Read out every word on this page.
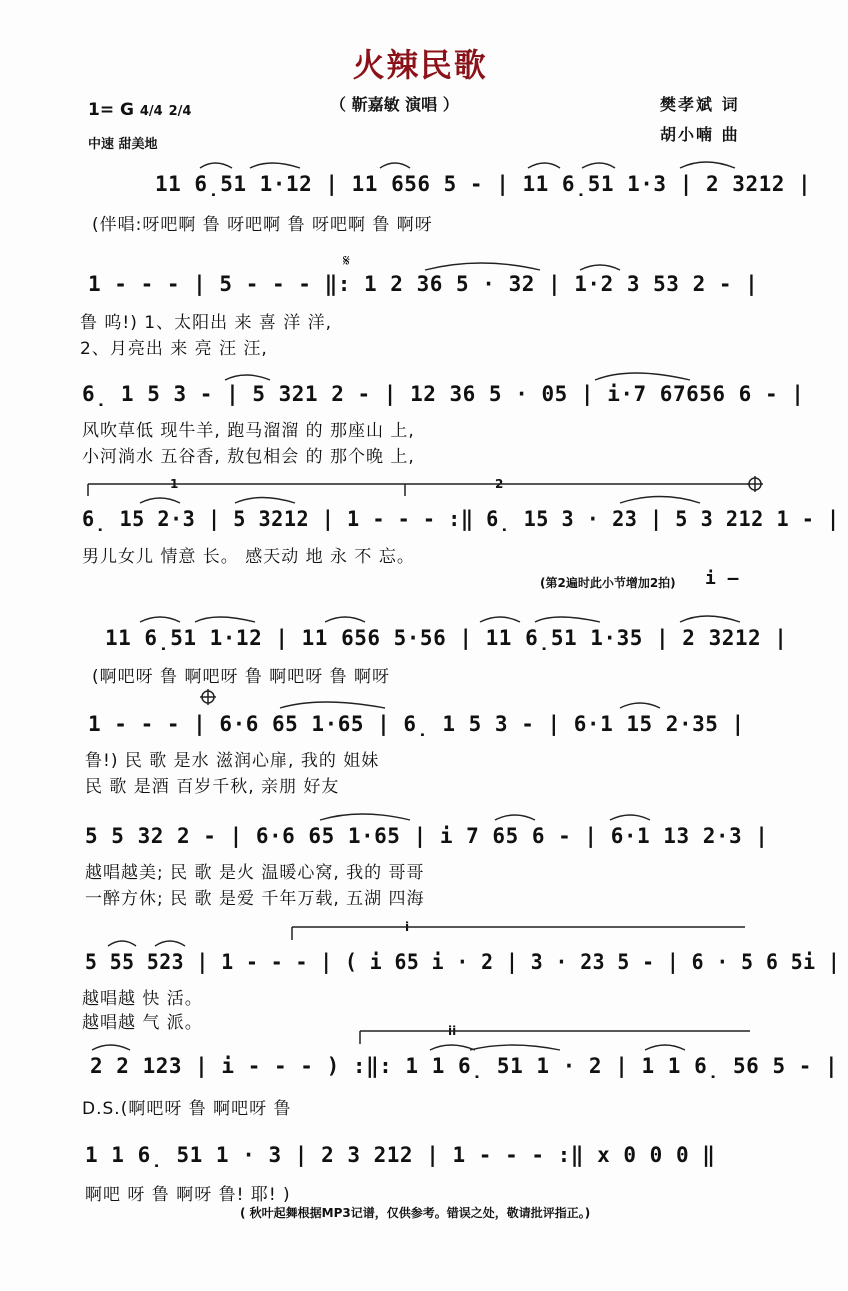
火辣民歌
（ 靳嘉敏 演唱 ）
1= G 4/4 2/4
中速 甜美地
樊孝斌 词
胡小喃 曲
11 6̣51 1·12 | 11 656 5 - | 11 6̣51 1·3 | 2 3212 |
(伴唱:呀吧啊 鲁 呀吧啊 鲁 呀吧啊 鲁 啊呀
1 - - - | 5 - - - ‖: 1 2 36 5 · 32 | 1·2 3 53 2 - |
鲁 呜!) 1、太阳出 来 喜 洋 洋,
2、月亮出 来 亮 汪 汪,
6̣ 1 5 3 - | 5 321 2 - | 12 36 5 · 05 | i·7 67656 6 - |
风吹草低 现牛羊, 跑马溜溜 的 那座山 上,
小河淌水 五谷香, 敖包相会 的 那个晚 上,
1	2
6̣ 15 2·3 | 5 3212 | 1 - - - :‖ 6̣ 15 3 · 23 | 5 3 212 1 - |
男儿女儿 情意 长。 感天动 地 永 不 忘。
(第2遍时此小节增加2拍) i –
11 6̣51 1·12 | 11 656 5·56 | 11 6̣51 1·35 | 2 3212 |
(啊吧呀 鲁 啊吧呀 鲁 啊吧呀 鲁 啊呀
1 - - - | 6·6 65 1·65 | 6̣ 1 5 3 - | 6·1 15 2·35 |
鲁!) 民 歌 是水 滋润心扉, 我的 姐妹
民 歌 是酒 百岁千秋, 亲朋 好友
5 5 32 2 - | 6·6 65 1·65 | i 7 65 6 - | 6·1 13 2·3 |
越唱越美; 民 歌 是火 温暖心窝, 我的 哥哥
一醉方休; 民 歌 是爱 千年万载, 五湖 四海
i
5 55 523 | 1 - - - | ( i 65 i · 2 | 3 · 23 5 - | 6 · 5 6 5i |
越唱越 快 活。
越唱越 气 派。	ii
2 2 123 | i - - - ) :‖: 1 1 6̣ 51 1 · 2 | 1 1 6̣ 56 5 - |
D.S.(啊吧呀 鲁 啊吧呀 鲁
1 1 6̣ 51 1 · 3 | 2 3 212 | 1 - - - :‖ x 0 0 0 ‖
啊吧 呀 鲁 啊呀 鲁! 耶! )
( 秋叶起舞根据MP3记谱，仅供参考。错误之处，敬请批评指正。)
𝄋
